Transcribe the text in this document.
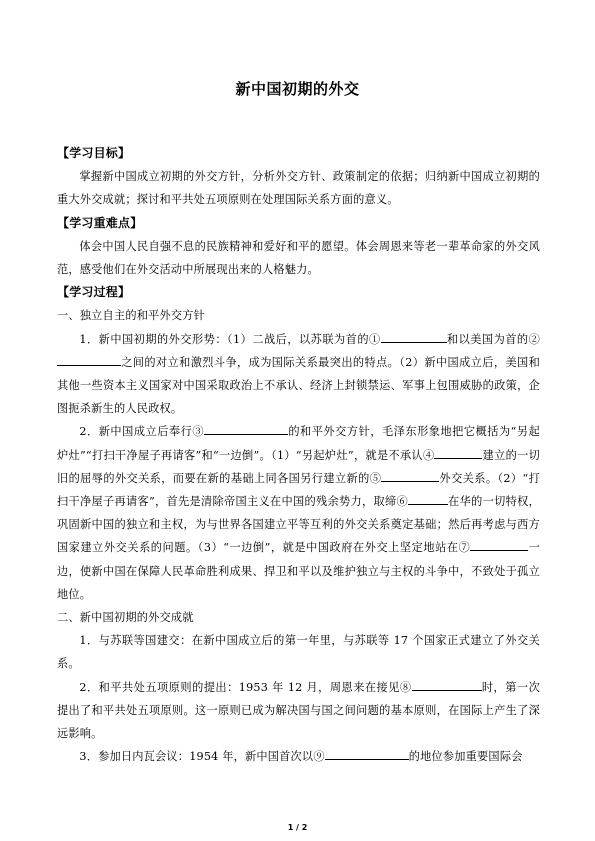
新中国初期的外交

【学习目标】

掌握新中国成立初期的外交方针，分析外交方针、政策制定的依据；归纳新中国成立初期的重大外交成就；探讨和平共处五项原则在处理国际关系方面的意义。

【学习重难点】

体会中国人民自强不息的民族精神和爱好和平的愿望。体会周恩来等老一辈革命家的外交风范，感受他们在外交活动中所展现出来的人格魅力。

【学习过程】

一、独立自主的和平外交方针

1．新中国初期的外交形势：（1）二战后，以苏联为首的①	和以美国为首的②之间的对立和激烈斗争，成为国际关系最突出的特点。（2）新中国成立后，美国和其他一些资本主义国家对中国采取政治上不承认、经济上封锁禁运、军事上包围威胁的政策，企图扼杀新生的人民政权。

2．新中国成立后奉行③	的和平外交方针，毛泽东形象地把它概括为“另起炉灶”“打扫干净屋子再请客”和“一边倒”。（1）“另起炉灶”，就是不承认④	建立的一切旧的屈辱的外交关系，而要在新的基础上同各国另行建立新的⑤	外交关系。（2）“打扫干净屋子再请客”，首先是清除帝国主义在中国的残余势力，取缔⑥	在华的一切特权，巩固新中国的独立和主权，为与世界各国建立平等互利的外交关系奠定基础；然后再考虑与西方国家建立外交关系的问题。（3）“一边倒”，就是中国政府在外交上坚定地站在⑦	一边，使新中国在保障人民革命胜利成果、捍卫和平以及维护独立与主权的斗争中，不致处于孤立地位。

二、新中国初期的外交成就

1．与苏联等国建交：在新中国成立后的第一年里，与苏联等 17 个国家正式建立了外交关系。

2．和平共处五项原则的提出：1953 年 12 月，周恩来在接见⑧	时，第一次提出了和平共处五项原则。这一原则已成为解决国与国之间问题的基本原则，在国际上产生了深远影响。

3．参加日内瓦会议：1954 年，新中国首次以⑨	的地位参加重要国际会

1 / 2
